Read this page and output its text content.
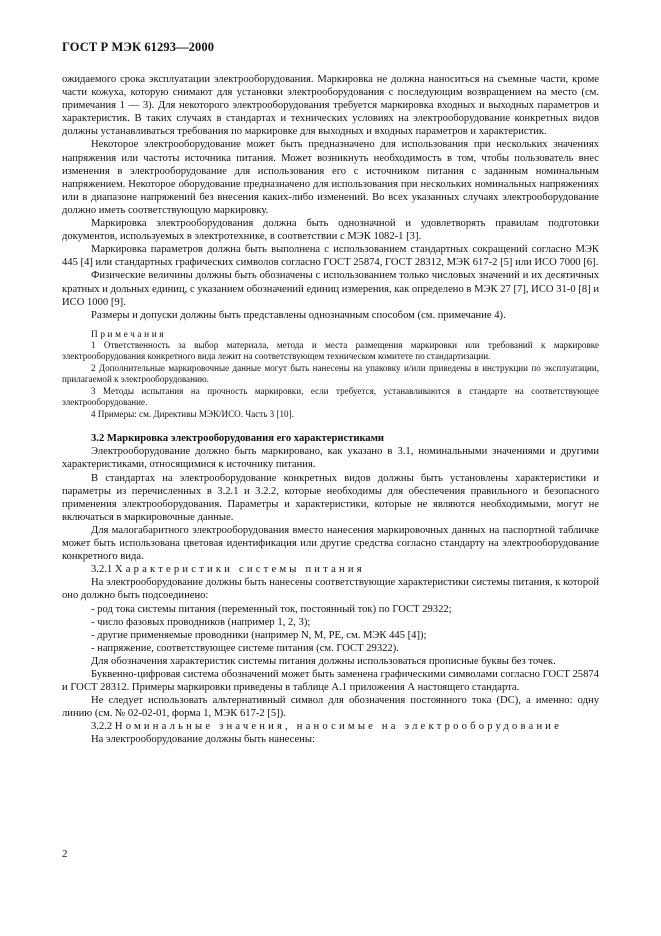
ГОСТ Р МЭК 61293—2000

ожидаемого срока эксплуатации электрооборудования. Маркировка не должна наноситься на съемные части, кроме части кожуха, которую снимают для установки электрооборудования с последующим возвращением на место (см. примечания 1 — 3). Для некоторого электрооборудования требуется маркировка входных и выходных параметров и характеристик. В таких случаях в стандартах и технических условиях на электрооборудование конкретных видов должны устанавливаться требования по маркировке для выходных и входных параметров и характеристик.

Некоторое электрооборудование может быть предназначено для использования при нескольких значениях напряжения или частоты источника питания. Может возникнуть необходимость в том, чтобы пользователь внес изменения в электрооборудование для использования его с источником питания с заданным номинальным напряжением. Некоторое оборудование предназначено для использования при нескольких номинальных напряжениях или в диапазоне напряжений без внесения каких-либо изменений. Во всех указанных случаях электрооборудование должно иметь соответствующую маркировку.

Маркировка электрооборудования должна быть однозначной и удовлетворять правилам подготовки документов, используемых в электротехнике, в соответствии с МЭК 1082-1 [3].

Маркировка параметров должна быть выполнена с использованием стандартных сокращений согласно МЭК 445 [4] или стандартных графических символов согласно ГОСТ 25874, ГОСТ 28312, МЭК 617-2 [5] или ИСО 7000 [6].

Физические величины должны быть обозначены с использованием только числовых значений и их десятичных кратных и дольных единиц, с указанием обозначений единиц измерения, как определено в МЭК 27 [7], ИСО 31-0 [8] и ИСО 1000 [9].

Размеры и допуски должны быть представлены однозначным способом (см. примечание 4).

Примечания

1 Ответственность за выбор материала, метода и места размещения маркировки или требований к маркировке электрооборудования конкретного вида лежит на соответствующем техническом комитете по стандартизации.

2 Дополнительные маркировочные данные могут быть нанесены на упаковку и/или приведены в инструкции по эксплуатации, прилагаемой к электрооборудованию.

3 Методы испытания на прочность маркировки, если требуется, устанавливаются в стандарте на соответствующее электрооборудование.

4 Примеры: см. Директивы МЭК/ИСО. Часть 3 [10].

3.2 Маркировка электрооборудования его характеристиками

Электрооборудование должно быть маркировано, как указано в 3.1, номинальными значениями и другими характеристиками, относящимися к источнику питания.

В стандартах на электрооборудование конкретных видов должны быть установлены характеристики и параметры из перечисленных в 3.2.1 и 3.2.2, которые необходимы для обеспечения правильного и безопасного применения электрооборудования. Параметры и характеристики, которые не являются необходимыми, могут не включаться в маркировочные данные.

Для малогабаритного электрооборудования вместо нанесения маркировочных данных на паспортной табличке может быть использована цветовая идентификация или другие средства согласно стандарту на электрооборудование конкретного вида.

3.2.1 Характеристики системы питания

На электрооборудование должны быть нанесены соответствующие характеристики системы питания, к которой оно должно быть подсоединено:

- род тока системы питания (переменный ток, постоянный ток) по ГОСТ 29322;
- число фазовых проводников (например 1, 2, 3);
- другие применяемые проводники (например N, M, PE, см. МЭК 445 [4]);
- напряжение, соответствующее системе питания (см. ГОСТ 29322).

Для обозначения характеристик системы питания должны использоваться прописные буквы без точек.

Буквенно-цифровая система обозначений может быть заменена графическими символами согласно ГОСТ 25874 и ГОСТ 28312. Примеры маркировки приведены в таблице А.1 приложения А настоящего стандарта.

Не следует использовать альтернативный символ для обозначения постоянного тока (DC), а именно: одну линию (см. № 02-02-01, форма 1, МЭК 617-2 [5]).

3.2.2 Номинальные значения, наносимые на электрооборудование

На электрооборудование должны быть нанесены:

2
